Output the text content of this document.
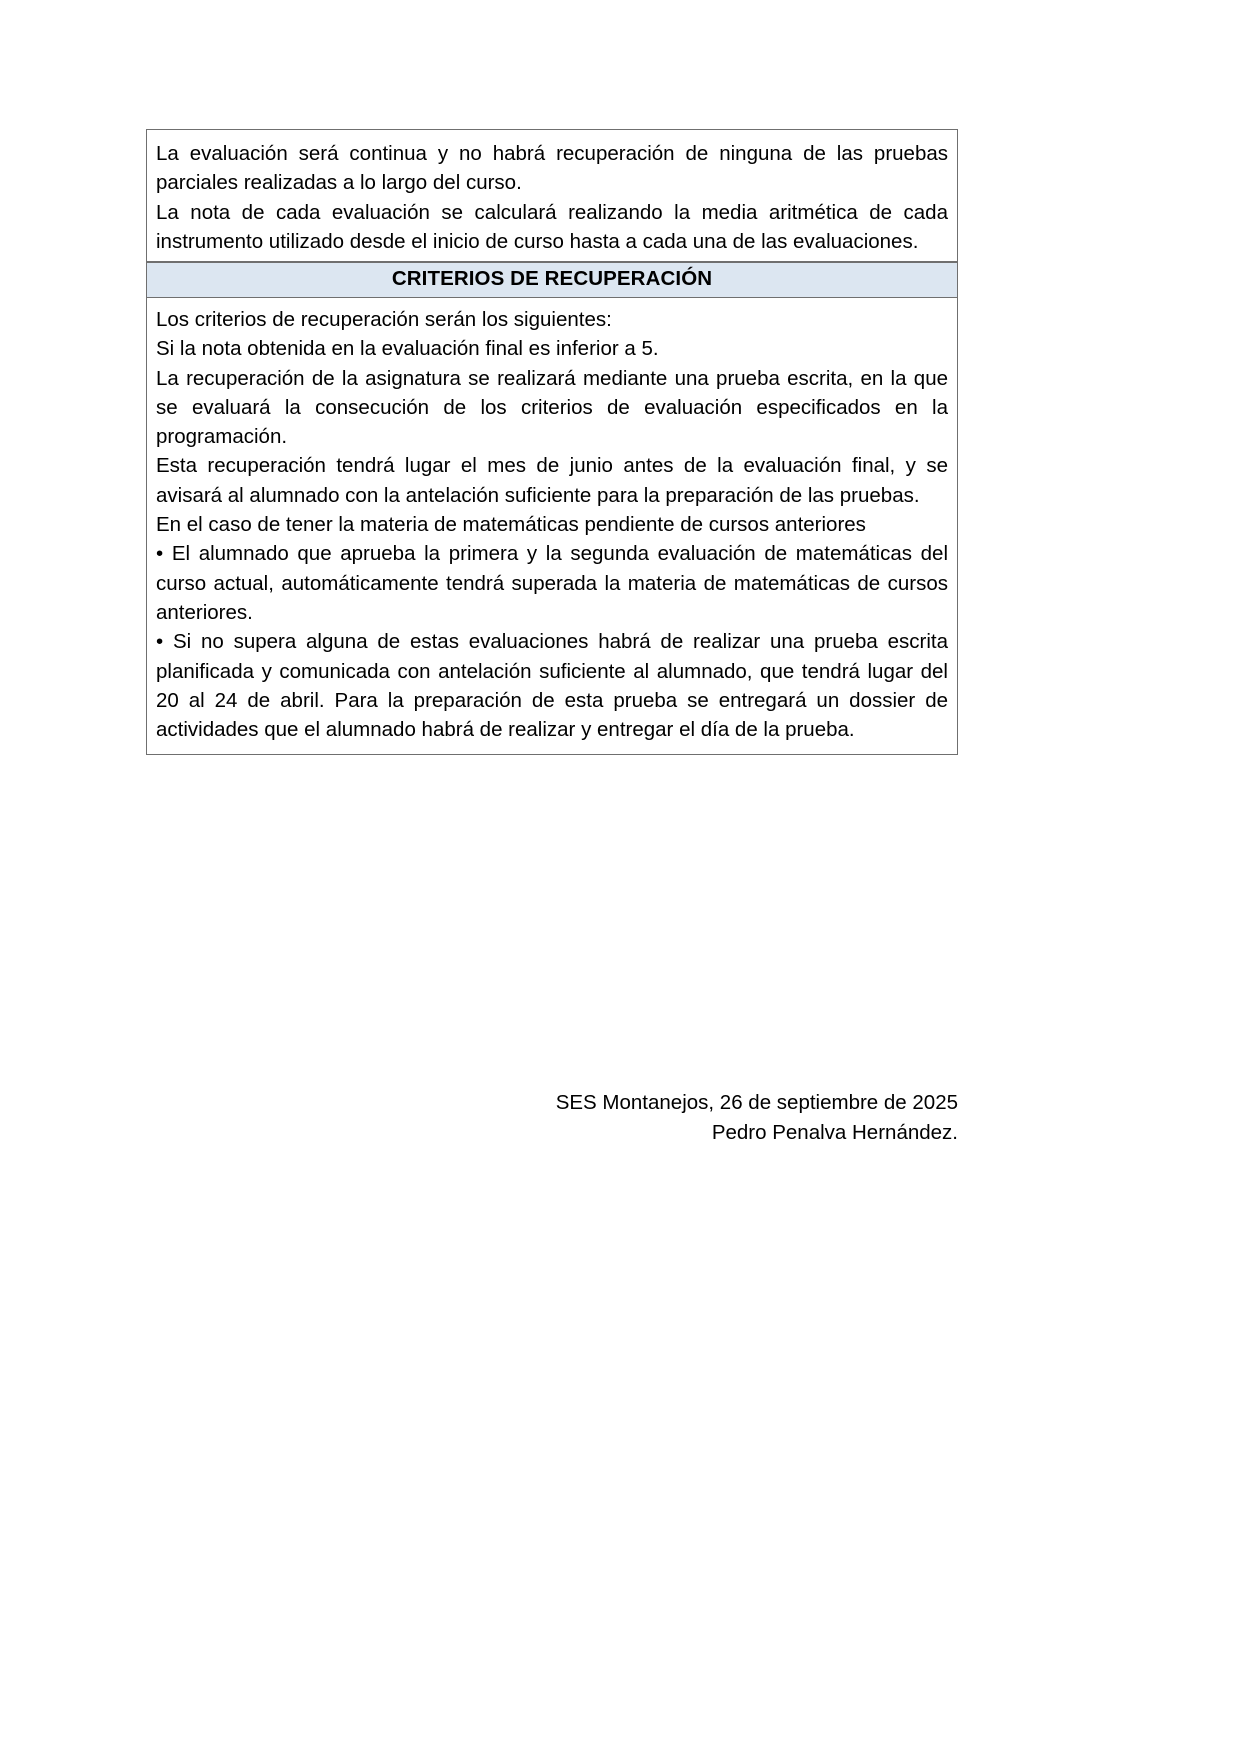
La evaluación será continua y no habrá recuperación de ninguna de las pruebas parciales realizadas a lo largo del curso.

La nota de cada evaluación se calculará realizando la media aritmética de cada instrumento utilizado desde el inicio de curso hasta a cada una de las evaluaciones.

CRITERIOS DE RECUPERACIÓN

Los criterios de recuperación serán los siguientes:

Si la nota obtenida en la evaluación final es inferior a 5.

La recuperación de la asignatura se realizará mediante una prueba escrita, en la que se evaluará la consecución de los criterios de evaluación especificados en la programación.

Esta recuperación tendrá lugar el mes de junio antes de la evaluación final, y se avisará al alumnado con la antelación suficiente para la preparación de las pruebas.

En el caso de tener la materia de matemáticas pendiente de cursos anteriores

• El alumnado que aprueba la primera y la segunda evaluación de matemáticas del curso actual, automáticamente tendrá superada la materia de matemáticas de cursos anteriores.

• Si no supera alguna de estas evaluaciones habrá de realizar una prueba escrita planificada y comunicada con antelación suficiente al alumnado, que tendrá lugar del 20 al 24 de abril. Para la preparación de esta prueba se entregará un dossier de actividades que el alumnado habrá de realizar y entregar el día de la prueba.

SES Montanejos, 26 de septiembre de 2025
Pedro Penalva Hernández.
